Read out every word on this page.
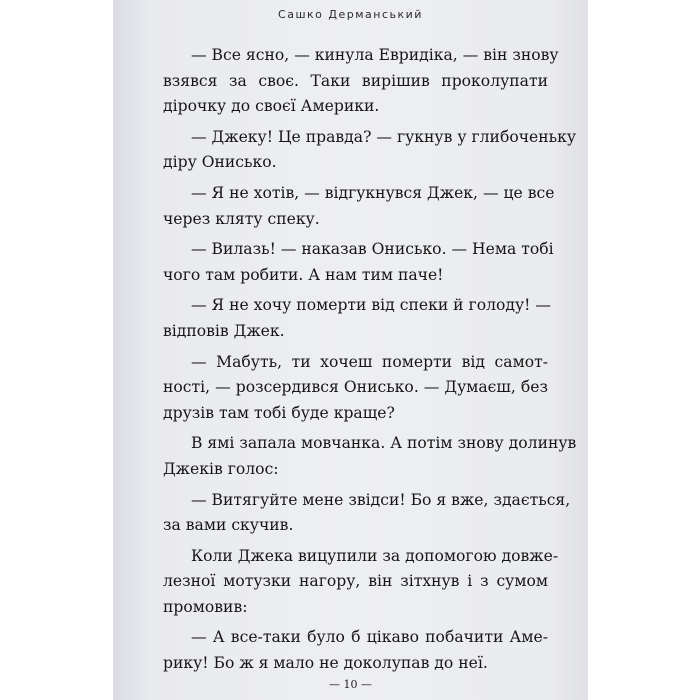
Сашко Дерманський
— Все ясно, — кинула Евридіка, — він знову
взявся за своє. Таки вирішив проколупати
дірочку до своєї Америки.
— Джеку! Це правда? — гукнув у глибоченьку
діру Онисько.
— Я не хотів, — відгукнувся Джек, — це все
через кляту спеку.
— Вилазь! — наказав Онисько. — Нема тобі
чого там робити. А нам тим паче!
— Я не хочу померти від спеки й голоду! —
відповів Джек.
— Мабуть, ти хочеш померти від самот-
ності, — розсердився Онисько. — Думаєш, без
друзів там тобі буде краще?
В ямі запала мовчанка. А потім знову долинув
Джеків голос:
— Витягуйте мене звідси! Бо я вже, здається,
за вами скучив.
Коли Джека вицупили за допомогою довже-
лезної мотузки нагору, він зітхнув і з сумом
промовив:
— А все-таки було б цікаво побачити Аме-
рику! Бо ж я мало не доколупав до неї.
— 10 —
